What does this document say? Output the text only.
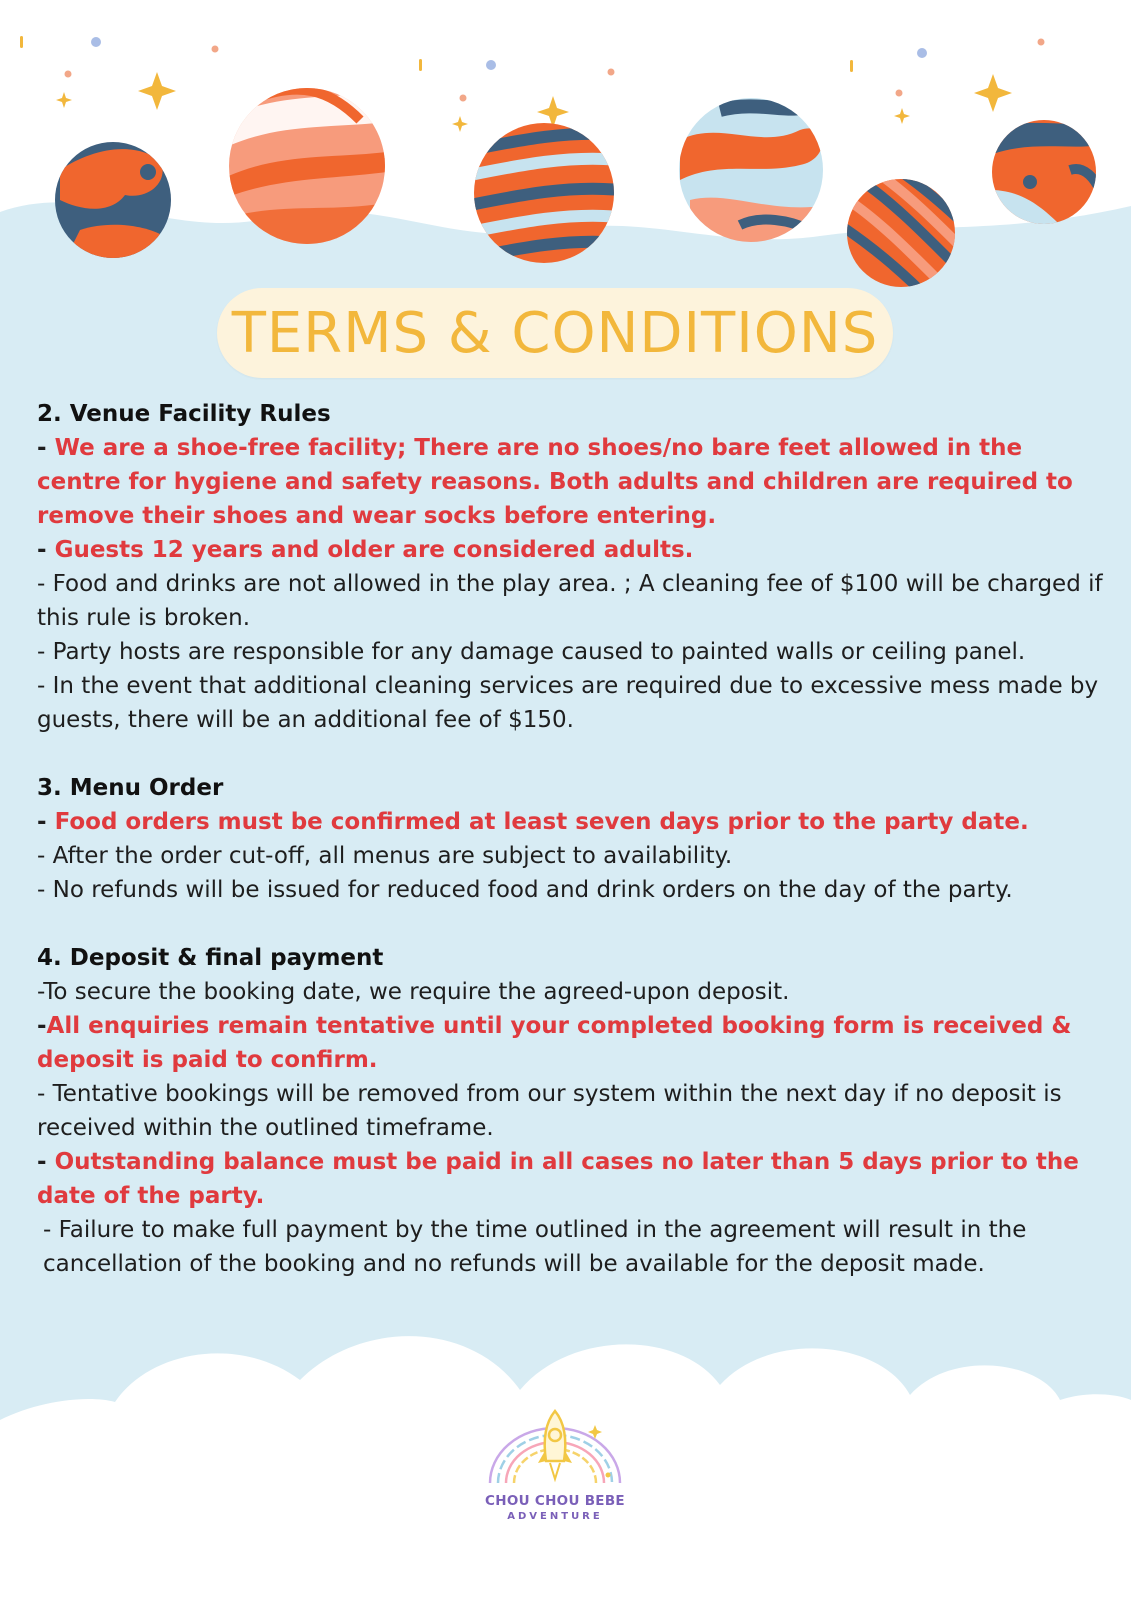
TERMS & CONDITIONS
2. Venue Facility Rules
- We are a shoe-free facility; There are no shoes/no bare feet allowed in the centre for hygiene and safety reasons. Both adults and children are required to remove their shoes and wear socks before entering.
- Guests 12 years and older are considered adults.
- Food and drinks are not allowed in the play area. ; A cleaning fee of $100 will be charged if this rule is broken.
- Party hosts are responsible for any damage caused to painted walls or ceiling panel.
- In the event that additional cleaning services are required due to excessive mess made by guests, there will be an additional fee of $150.
3. Menu Order
- Food orders must be confirmed at least seven days prior to the party date.
- After the order cut-off, all menus are subject to availability.
- No refunds will be issued for reduced food and drink orders on the day of the party.
4. Deposit & final payment
-To secure the booking date, we require the agreed-upon deposit.
-All enquiries remain tentative until your completed booking form is received & deposit is paid to confirm.
- Tentative bookings will be removed from our system within the next day if no deposit is received within the outlined timeframe.
- Outstanding balance must be paid in all cases no later than 5 days prior to the date of the party.
- Failure to make full payment by the time outlined in the agreement will result in the cancellation of the booking and no refunds will be available for the deposit made.
CHOU CHOU BEBE
ADVENTURE
